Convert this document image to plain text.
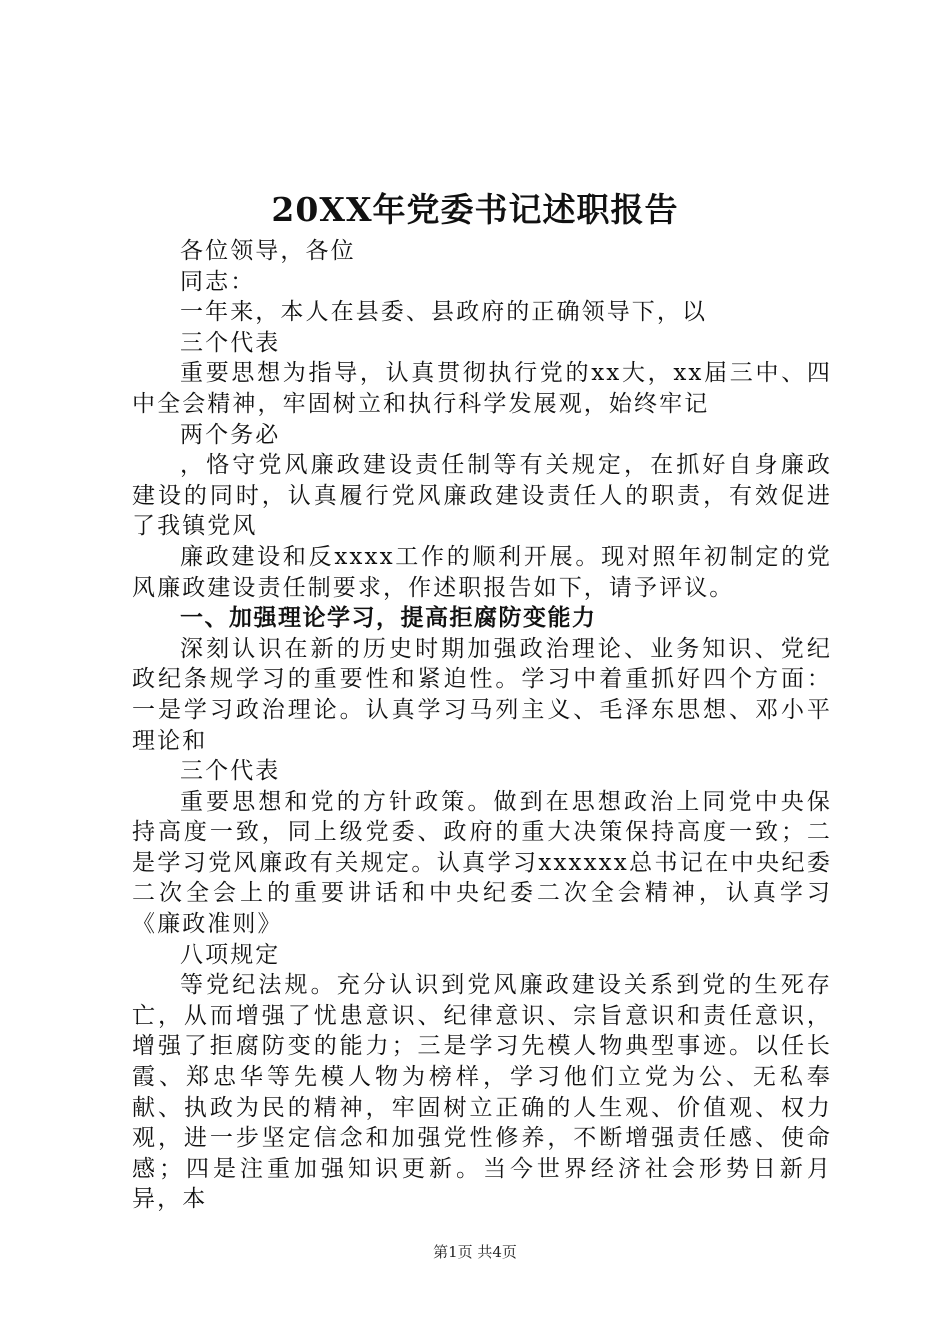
20XX年党委书记述职报告

各位领导，各位

同志：

一年来，本人在县委、县政府的正确领导下，以

三个代表

重要思想为指导，认真贯彻执行党的xx大，xx届三中、四中全会精神，牢固树立和执行科学发展观，始终牢记

两个务必

，恪守党风廉政建设责任制等有关规定，在抓好自身廉政建设的同时，认真履行党风廉政建设责任人的职责，有效促进了我镇党风

廉政建设和反xxxx工作的顺利开展。现对照年初制定的党风廉政建设责任制要求，作述职报告如下，请予评议。

一、加强理论学习，提高拒腐防变能力

深刻认识在新的历史时期加强政治理论、业务知识、党纪政纪条规学习的重要性和紧迫性。学习中着重抓好四个方面：一是学习政治理论。认真学习马列主义、毛泽东思想、邓小平理论和

三个代表

重要思想和党的方针政策。做到在思想政治上同党中央保持高度一致，同上级党委、政府的重大决策保持高度一致；二是学习党风廉政有关规定。认真学习xxxxxx总书记在中央纪委二次全会上的重要讲话和中央纪委二次全会精神，认真学习《廉政准则》

八项规定

等党纪法规。充分认识到党风廉政建设关系到党的生死存亡，从而增强了忧患意识、纪律意识、宗旨意识和责任意识，增强了拒腐防变的能力；三是学习先模人物典型事迹。以任长霞、郑忠华等先模人物为榜样，学习他们立党为公、无私奉献、执政为民的精神，牢固树立正确的人生观、价值观、权力观，进一步坚定信念和加强党性修养，不断增强责任感、使命感；四是注重加强知识更新。当今世界经济社会形势日新月异，本

第1页 共4页
